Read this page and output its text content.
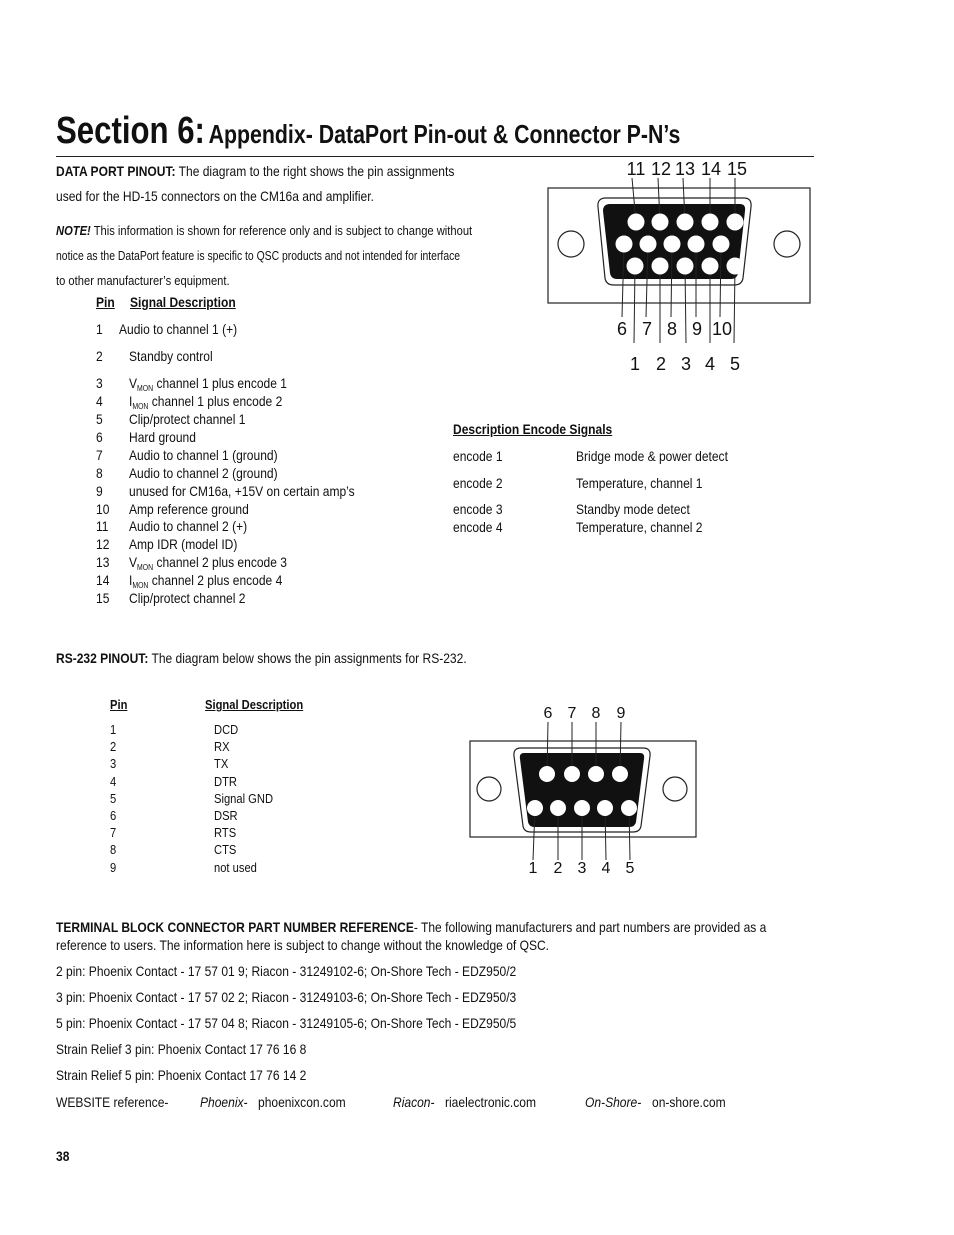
Section 6: Appendix- DataPort Pin-out & Connector P-N’s
DATA PORT PINOUT: The diagram to the right shows the pin assignments
used for the HD-15 connectors on the CM16a and amplifier.
NOTE! This information is shown for reference only and is subject to change without
notice as the DataPort feature is specific to QSC products and not intended for interface
to other manufacturer’s equipment.
Pin Signal Description
1 Audio to channel 1 (+)
2 Standby control
3 $V_{MON}$ channel 1 plus encode 1
4 $I_{MON}$ channel 1 plus encode 2
5 Clip/protect channel 1
6 Hard ground
7 Audio to channel 1 (ground)
8 Audio to channel 2 (ground)
9 unused for CM16a, +15V on certain amp’s
10 Amp reference ground
11 Audio to channel 2 (+)
12 Amp IDR (model ID)
13 $V_{MON}$ channel 2 plus encode 3
14 $I_{MON}$ channel 2 plus encode 4
15 Clip/protect channel 2
Description Encode Signals
encode 1	Bridge mode & power detect
encode 2	Temperature, channel 1
encode 3	Standby mode detect
encode 4	Temperature, channel 2
11 12 13 14 15
6 7 8 9 10
1 2 3 4 5
RS-232 PINOUT: The diagram below shows the pin assignments for RS-232.
Pin	Signal Description
1	DCD
2	RX
3	TX
4	DTR
5	Signal GND
6	DSR
7	RTS
8	CTS
9	not used
6 7 8 9
1 2 3 4 5
TERMINAL BLOCK CONNECTOR PART NUMBER REFERENCE- The following manufacturers and part numbers are provided as a
reference to users. The information here is subject to change without the knowledge of QSC.
2 pin: Phoenix Contact - 17 57 01 9; Riacon - 31249102-6; On-Shore Tech - EDZ950/2
3 pin: Phoenix Contact - 17 57 02 2; Riacon - 31249103-6; On-Shore Tech - EDZ950/3
5 pin: Phoenix Contact - 17 57 04 8; Riacon - 31249105-6; On-Shore Tech - EDZ950/5
Strain Relief 3 pin: Phoenix Contact 17 76 16 8
Strain Relief 5 pin: Phoenix Contact 17 76 14 2
WEBSITE reference- Phoenix- phoenixcon.com	Riacon- riaelectronic.com	On-Shore- on-shore.com
38
